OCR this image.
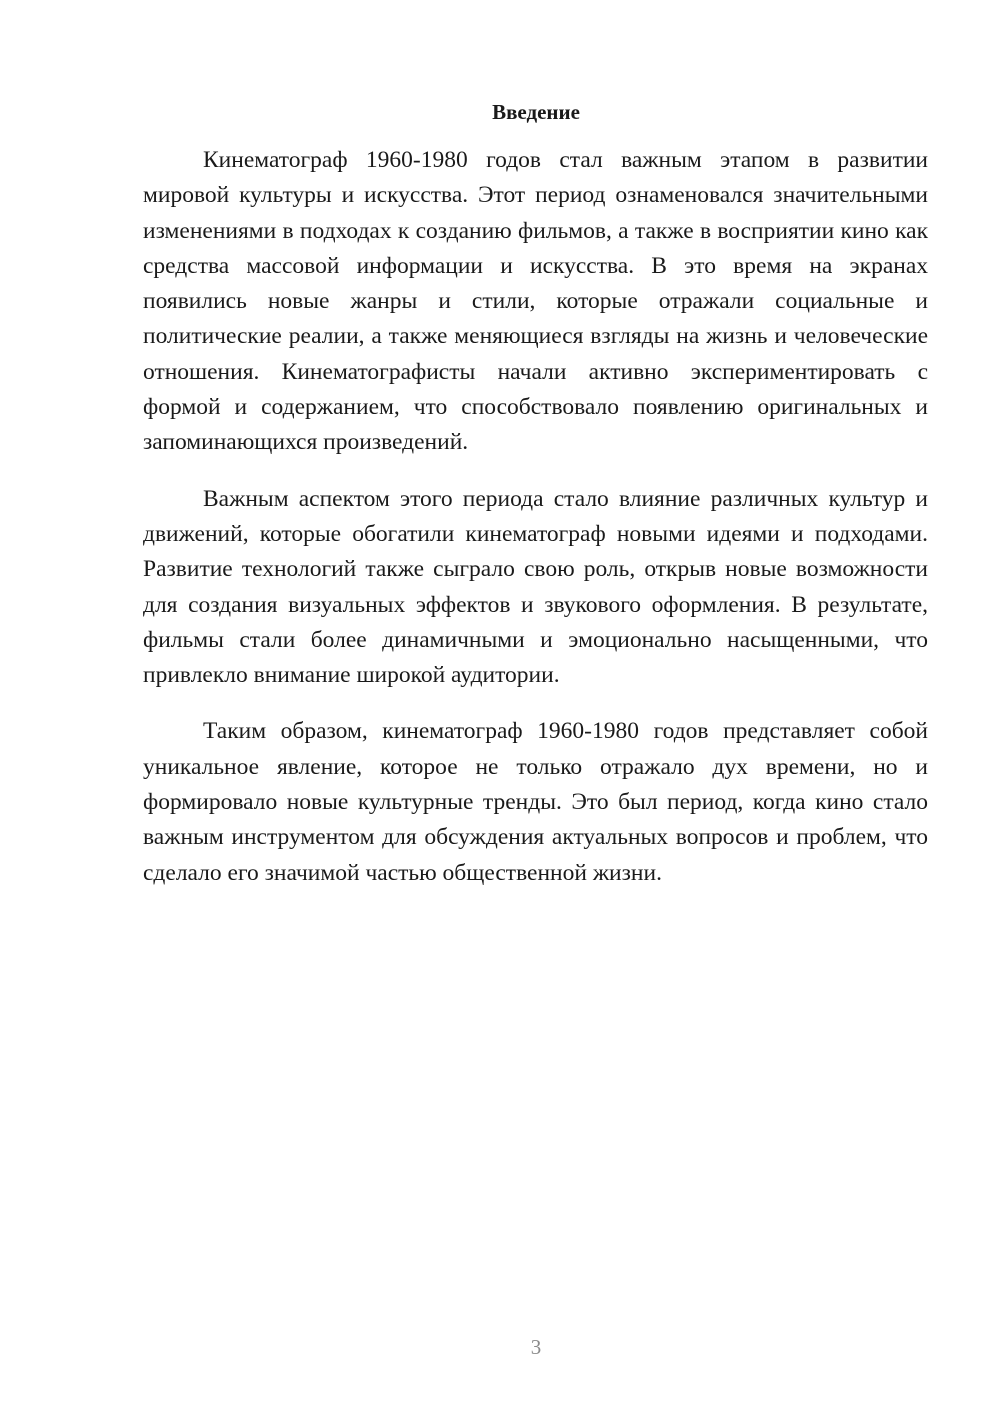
Введение

Кинематограф 1960-1980 годов стал важным этапом в развитии мировой культуры и искусства. Этот период ознаменовался значительными изменениями в подходах к созданию фильмов, а также в восприятии кино как средства массовой информации и искусства. В это время на экранах появились новые жанры и стили, которые отражали социальные и политические реалии, а также меняющиеся взгляды на жизнь и человеческие отношения. Кинематографисты начали активно экспериментировать с формой и содержанием, что способствовало появлению оригинальных и запоминающихся произведений.

Важным аспектом этого периода стало влияние различных культур и движений, которые обогатили кинематограф новыми идеями и подходами. Развитие технологий также сыграло свою роль, открыв новые возможности для создания визуальных эффектов и звукового оформления. В результате, фильмы стали более динамичными и эмоционально насыщенными, что привлекло внимание широкой аудитории.

Таким образом, кинематограф 1960-1980 годов представляет собой уникальное явление, которое не только отражало дух времени, но и формировало новые культурные тренды. Это был период, когда кино стало важным инструментом для обсуждения актуальных вопросов и проблем, что сделало его значимой частью общественной жизни.

3
